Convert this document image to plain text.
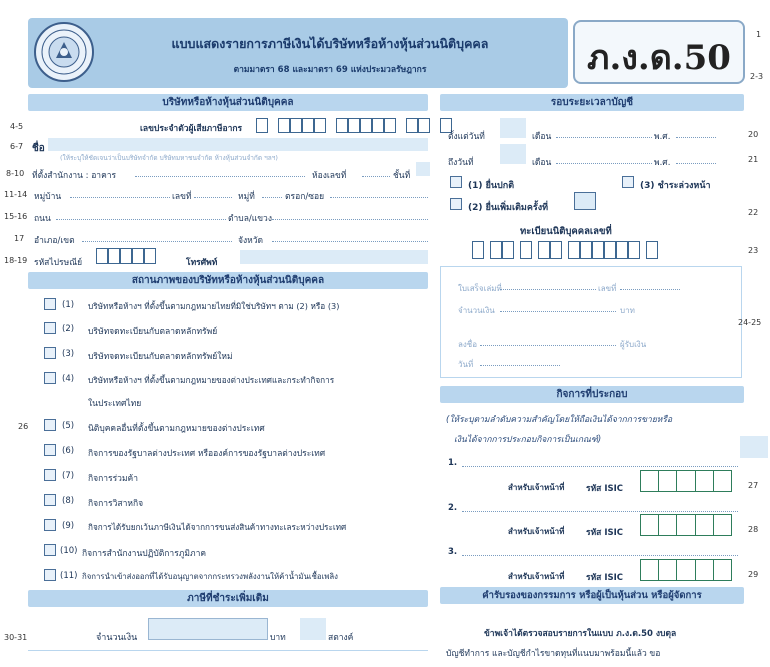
แบบแสดงรายการภาษีเงินได้บริษัทหรือห้างหุ้นส่วนนิติบุคคล
ตามมาตรา 68 และมาตรา 69 แห่งประมวลรัษฎากร	ภ.ง.ด.50
1
2-3
บริษัทหรือห้างหุ้นส่วนนิติบุคคล
4-5	เลขประจำตัวผู้เสียภาษีอากร
6-7 ชื่อ
(ให้ระบุให้ชัดเจนว่าเป็นบริษัทจำกัด บริษัทมหาชนจำกัด ห้างหุ้นส่วนจำกัด ฯลฯ)
8-10 ที่ตั้งสำนักงาน : อาคาร	ห้องเลขที่	ชั้นที่
11-14 หมู่บ้าน	เลขที่	หมู่ที่	ตรอก/ซอย
15-16 ถนน	ตำบล/แขวง
17 อำเภอ/เขต	จังหวัด
18-19 รหัสไปรษณีย์	โทรศัพท์
สถานภาพของบริษัทหรือห้างหุ้นส่วนนิติบุคคล
26
(1) บริษัทหรือห้างฯ ที่ตั้งขึ้นตามกฎหมายไทยที่มิใช่บริษัทฯ ตาม (2) หรือ (3)
(2) บริษัทจดทะเบียนกับตลาดหลักทรัพย์
(3) บริษัทจดทะเบียนกับตลาดหลักทรัพย์ใหม่
(4) บริษัทหรือห้างฯ ที่ตั้งขึ้นตามกฎหมายของต่างประเทศและกระทำกิจการ
ในประเทศไทย
(5) นิติบุคคลอื่นที่ตั้งขึ้นตามกฎหมายของต่างประเทศ
(6) กิจการของรัฐบาลต่างประเทศ หรือองค์การของรัฐบาลต่างประเทศ
(7) กิจการร่วมค้า
(8) กิจการวิสาหกิจ
(9) กิจการได้รับยกเว้นภาษีเงินได้จากการขนส่งสินค้าทางทะเลระหว่างประเทศ
(10) กิจการสำนักงานปฏิบัติการภูมิภาค
(11) กิจการนำเข้าส่งออกที่ได้รับอนุญาตจากกระทรวงพลังงานให้ค้าน้ำมันเชื้อเพลิง
ภาษีที่ชำระเพิ่มเติม
30-31	จำนวนเงิน	บาท	สตางค์
รอบระยะเวลาบัญชี
ตั้งแต่วันที่	เดือน	พ.ศ.	20
ถึงวันที่	เดือน	พ.ศ.	21
(1) ยื่นปกติ	(3) ชำระล่วงหน้า
(2) ยื่นเพิ่มเติมครั้งที่	22
ทะเบียนนิติบุคคลเลขที่
23
ใบเสร็จเล่มที่	เลขที่
จำนวนเงิน	บาท
24-25
ลงชื่อ	ผู้รับเงิน
วันที่
กิจการที่ประกอบ
(ให้ระบุตามลำดับความสำคัญโดยให้ถือเงินได้จากการขายหรือ
เงินได้จากการประกอบกิจการเป็นเกณฑ์)
1.
สำหรับเจ้าหน้าที่	รหัส ISIC	27
2.
สำหรับเจ้าหน้าที่	รหัส ISIC	28
3.
สำหรับเจ้าหน้าที่	รหัส ISIC	29
คำรับรองของกรรมการ หรือผู้เป็นหุ้นส่วน หรือผู้จัดการ
ข้าพเจ้าได้ตรวจสอบรายการในแบบ ภ.ง.ด.50 งบดุล
บัญชีทำการ และบัญชีกำไรขาดทุนที่แนบมาพร้อมนี้แล้ว ขอ
